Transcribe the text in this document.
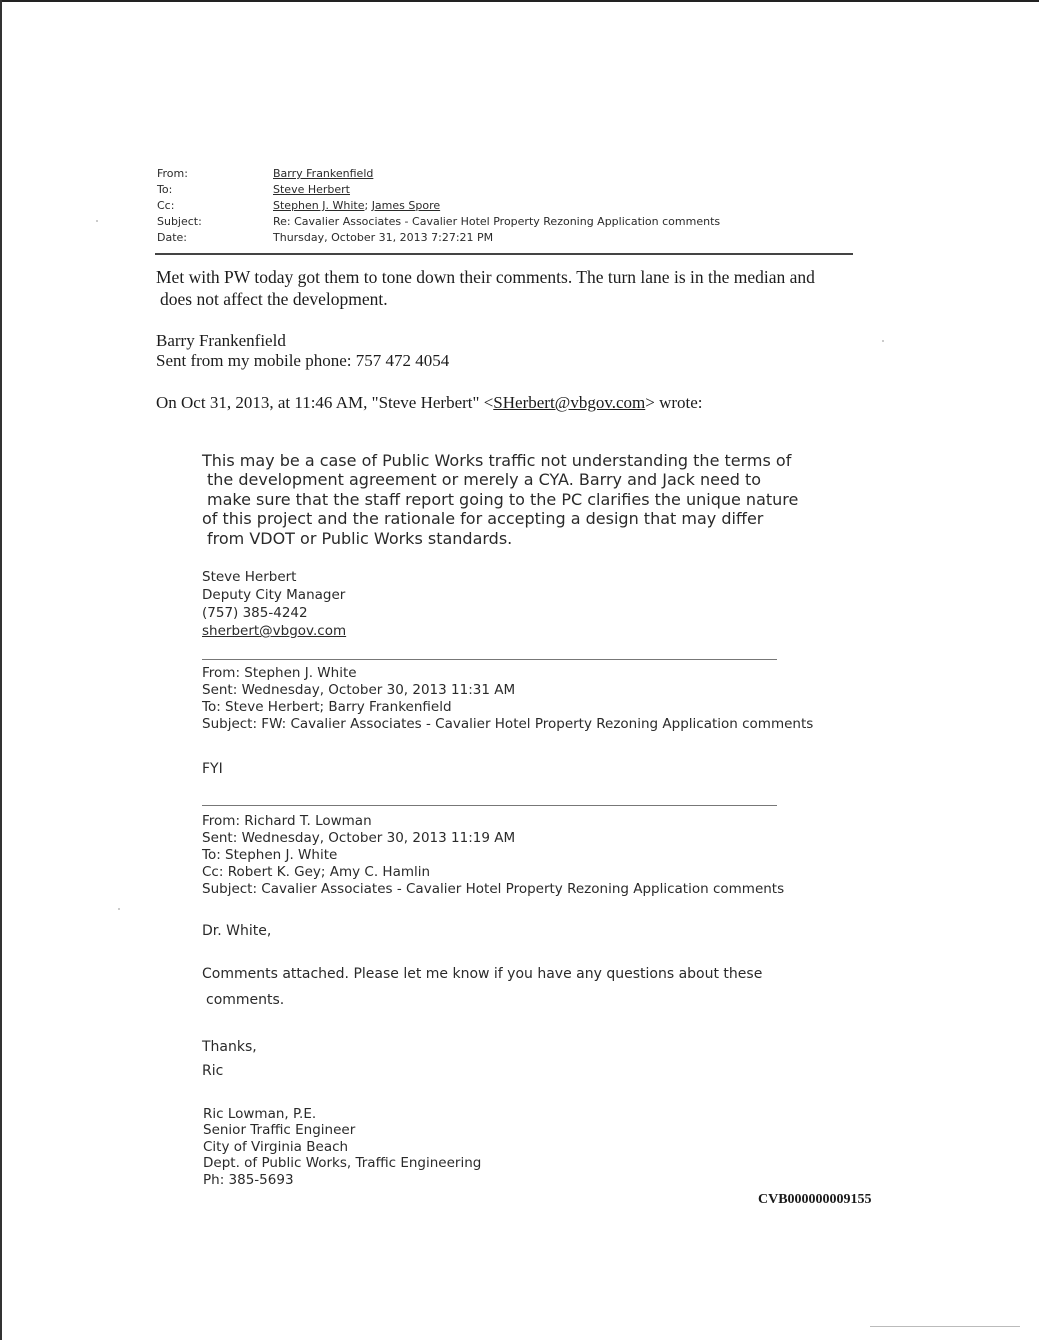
From:	Barry Frankenfield
To:	Steve Herbert
Cc:	Stephen J. White; James Spore
Subject:	Re: Cavalier Associates - Cavalier Hotel Property Rezoning Application comments
Date:	Thursday, October 31, 2013 7:27:21 PM
Met with PW today got them to tone down their comments. The turn lane is in the median and
does not affect the development.
Barry Frankenfield
Sent from my mobile phone: 757 472 4054
On Oct 31, 2013, at 11:46 AM, "Steve Herbert" <SHerbert@vbgov.com> wrote:
This may be a case of Public Works traffic not understanding the terms of
the development agreement or merely a CYA. Barry and Jack need to
make sure that the staff report going to the PC clarifies the unique nature
of this project and the rationale for accepting a design that may differ
from VDOT or Public Works standards.
Steve Herbert
Deputy City Manager
(757) 385-4242
sherbert@vbgov.com
From: Stephen J. White
Sent: Wednesday, October 30, 2013 11:31 AM
To: Steve Herbert; Barry Frankenfield
Subject: FW: Cavalier Associates - Cavalier Hotel Property Rezoning Application comments
FYI
From: Richard T. Lowman
Sent: Wednesday, October 30, 2013 11:19 AM
To: Stephen J. White
Cc: Robert K. Gey; Amy C. Hamlin
Subject: Cavalier Associates - Cavalier Hotel Property Rezoning Application comments
Dr. White,
Comments attached. Please let me know if you have any questions about these
comments.
Thanks,
Ric
Ric Lowman, P.E.
Senior Traffic Engineer
City of Virginia Beach
Dept. of Public Works, Traffic Engineering
Ph: 385-5693
CVB000000009155
